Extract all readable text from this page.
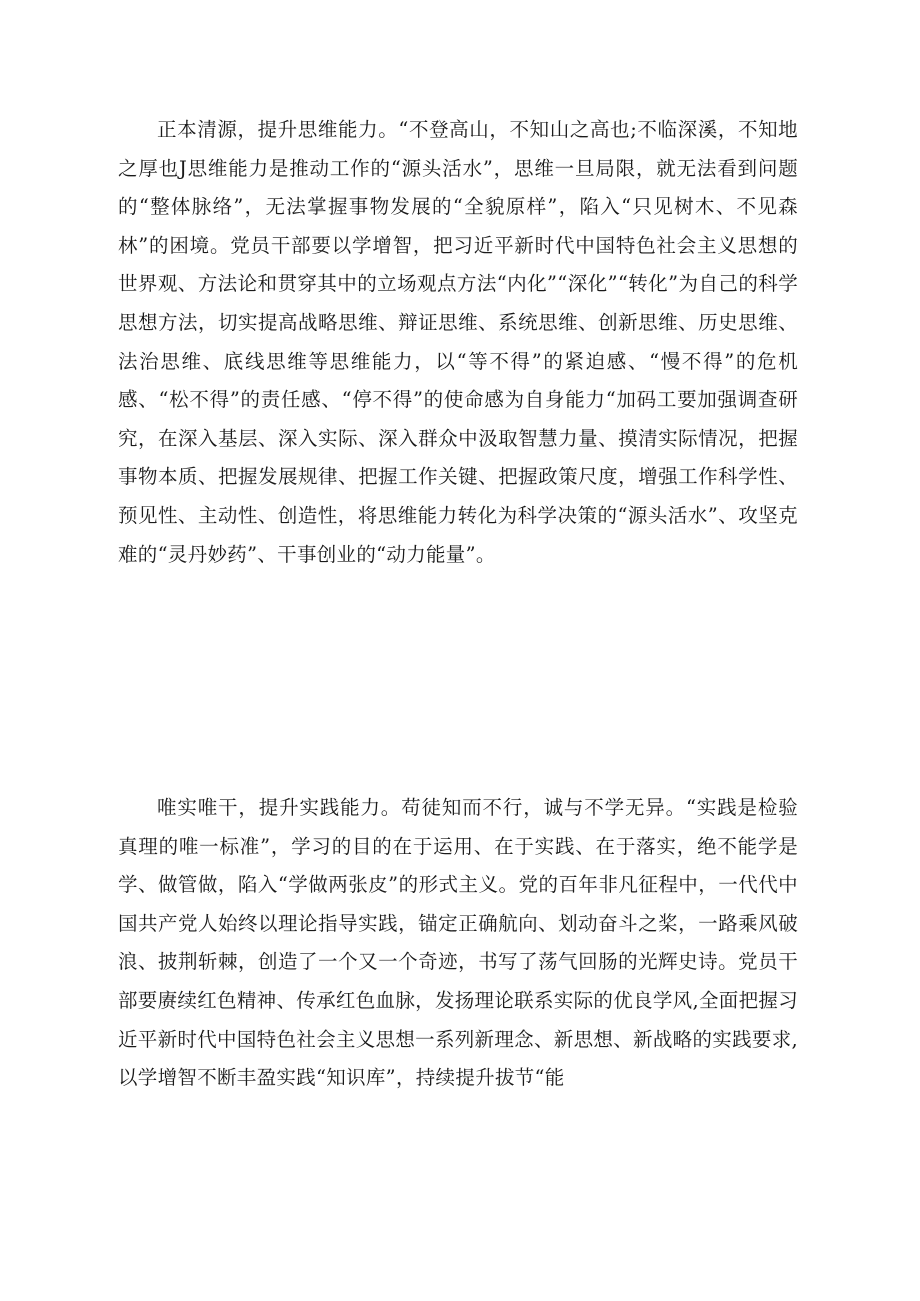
正本清源，提升思维能力。“不登高山，不知山之高也;不临深溪，不知地之厚也J思维能力是推动工作的“源头活水”，思维一旦局限，就无法看到问题的“整体脉络”，无法掌握事物发展的“全貌原样”，陷入“只见树木、不见森林”的困境。党员干部要以学增智，把习近平新时代中国特色社会主义思想的世界观、方法论和贯穿其中的立场观点方法“内化”“深化”“转化”为自己的科学思想方法，切实提高战略思维、辩证思维、系统思维、创新思维、历史思维、法治思维、底线思维等思维能力，以“等不得”的紧迫感、“慢不得”的危机感、“松不得”的责任感、“停不得”的使命感为自身能力“加码工要加强调查研究，在深入基层、深入实际、深入群众中汲取智慧力量、摸清实际情况，把握事物本质、把握发展规律、把握工作关键、把握政策尺度，增强工作科学性、预见性、主动性、创造性，将思维能力转化为科学决策的“源头活水”、攻坚克难的“灵丹妙药”、干事创业的“动力能量”。

唯实唯干，提升实践能力。苟徒知而不行，诚与不学无异。“实践是检验真理的唯一标准”，学习的目的在于运用、在于实践、在于落实，绝不能学是学、做管做，陷入“学做两张皮”的形式主义。党的百年非凡征程中，一代代中国共产党人始终以理论指导实践，锚定正确航向、划动奋斗之桨，一路乘风破浪、披荆斩棘，创造了一个又一个奇迹，书写了荡气回肠的光辉史诗。党员干部要赓续红色精神、传承红色血脉，发扬理论联系实际的优良学风,全面把握习近平新时代中国特色社会主义思想一系列新理念、新思想、新战略的实践要求,以学增智不断丰盈实践“知识库”，持续提升拔节“能
